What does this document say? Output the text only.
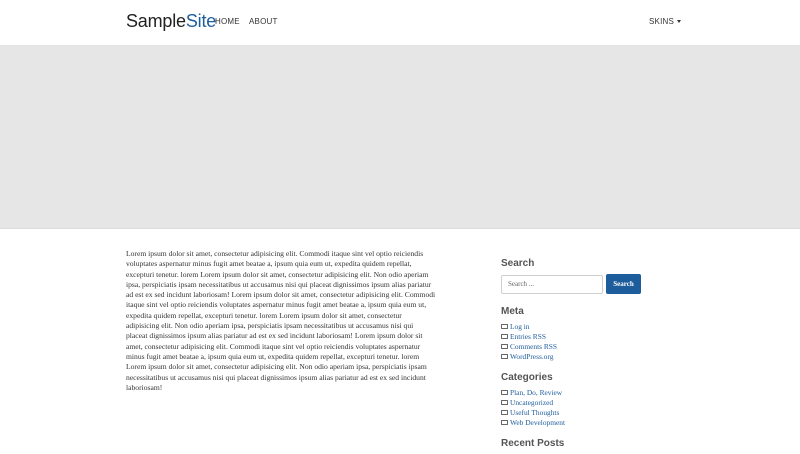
SampleSite
HOME ABOUT	SKINS

Lorem ipsum dolor sit amet, consectetur adipisicing elit. Commodi itaque sint vel optio reiciendis voluptates aspernatur minus fugit amet beatae a, ipsum quia eum ut, expedita quidem repellat, excepturi tenetur. lorem Lorem ipsum dolor sit amet, consectetur adipisicing elit. Non odio aperiam ipsa, perspiciatis ipsam necessitatibus ut accusamus nisi qui placeat dignissimos ipsum alias pariatur ad est ex sed incidunt laboriosam! Lorem ipsum dolor sit amet, consectetur adipisicing elit. Commodi itaque sint vel optio reiciendis voluptates aspernatur minus fugit amet beatae a, ipsum quia eum ut, expedita quidem repellat, excepturi tenetur. lorem Lorem ipsum dolor sit amet, consectetur adipisicing elit. Non odio aperiam ipsa, perspiciatis ipsam necessitatibus ut accusamus nisi qui placeat dignissimos ipsum alias pariatur ad est ex sed incidunt laboriosam! Lorem ipsum dolor sit amet, consectetur adipisicing elit. Commodi itaque sint vel optio reiciendis voluptates aspernatur minus fugit amet beatae a, ipsum quia eum ut, expedita quidem repellat, excepturi tenetur. lorem Lorem ipsum dolor sit amet, consectetur adipisicing elit. Non odio aperiam ipsa, perspiciatis ipsam necessitatibus ut accusamus nisi qui placeat dignissimos ipsum alias pariatur ad est ex sed incidunt laboriosam!

Search
Search ...
Search
Meta
Log in
Entries RSS
Comments RSS
WordPress.org
Categories
Plan, Do, Review
Uncategorized
Useful Thoughts
Web Development
Recent Posts
